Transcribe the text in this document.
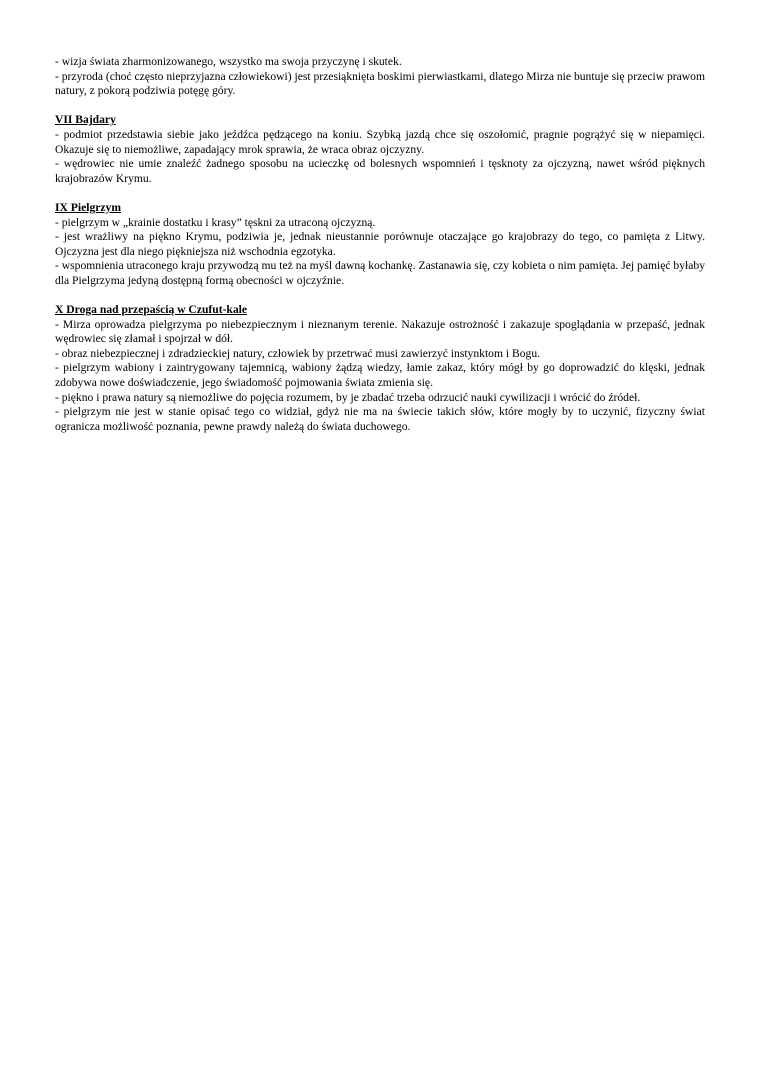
- wizja świata zharmonizowanego, wszystko ma swoja przyczynę i skutek.

- przyroda (choć często nieprzyjazna człowiekowi) jest przesiąknięta boskimi pierwiastkami, dlatego Mirza nie buntuje się przeciw prawom natury, z pokorą podziwia potęgę góry.

VII Bajdary

- podmiot przedstawia siebie jako jeźdźca pędzącego na koniu. Szybką jazdą chce się oszołomić, pragnie pogrążyć się w niepamięci. Okazuje się to niemożliwe, zapadający mrok sprawia, że wraca obraz ojczyzny.

- wędrowiec nie umie znaleźć żadnego sposobu na ucieczkę od bolesnych wspomnień i tęsknoty za ojczyzną, nawet wśród pięknych krajobrazów Krymu.

IX Pielgrzym

- pielgrzym w „krainie dostatku i krasy” tęskni za utraconą ojczyzną.

- jest wrażliwy na piękno Krymu, podziwia je, jednak nieustannie porównuje otaczające go krajobrazy do tego, co pamięta z Litwy. Ojczyzna jest dla niego piękniejsza niż wschodnia egzotyka.

- wspomnienia utraconego kraju przywodzą mu też na myśl dawną kochankę. Zastanawia się, czy kobieta o nim pamięta. Jej pamięć byłaby dla Pielgrzyma jedyną dostępną formą obecności w ojczyźnie.

X Droga nad przepaścią w Czufut-kale

- Mirza oprowadza pielgrzyma po niebezpiecznym i nieznanym terenie. Nakazuje ostrożność i zakazuje spoglądania w przepaść, jednak wędrowiec się złamał i spojrzał w dół.

- obraz niebezpiecznej i zdradzieckiej natury, człowiek by przetrwać musi zawierzyć instynktom i Bogu.

- pielgrzym wabiony i zaintrygowany tajemnicą, wabiony żądzą wiedzy, łamie zakaz, który mógł by go doprowadzić do klęski, jednak zdobywa nowe doświadczenie, jego świadomość pojmowania świata zmienia się.

- piękno i prawa natury są niemożliwe do pojęcia rozumem, by je zbadać trzeba odrzucić nauki cywilizacji i wrócić do źródeł.

- pielgrzym nie jest w stanie opisać tego co widział, gdyż nie ma na świecie takich słów, które mogły by to uczynić, fizyczny świat ogranicza możliwość poznania, pewne prawdy należą do świata duchowego.
